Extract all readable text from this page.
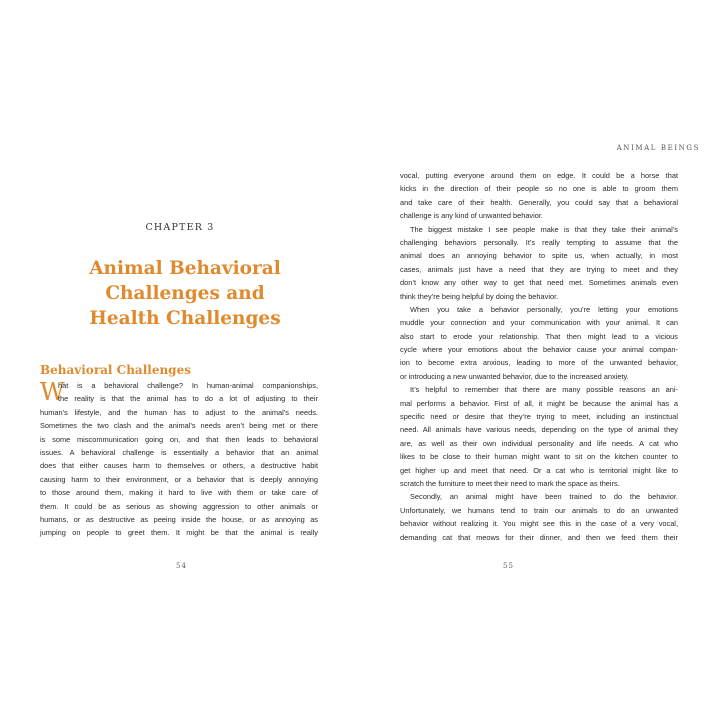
CHAPTER 3
Animal Behavioral
Challenges and
Health Challenges
Behavioral Challenges
W
hat is a behavioral challenge? In human-animal companionships,
the reality is that the animal has to do a lot of adjusting to their
human’s lifestyle, and the human has to adjust to the animal’s needs.
Sometimes the two clash and the animal’s needs aren’t being met or there
is some miscommunication going on, and that then leads to behavioral
issues. A behavioral challenge is essentially a behavior that an animal
does that either causes harm to themselves or others, a destructive habit
causing harm to their environment, or a behavior that is deeply annoying
to those around them, making it hard to live with them or take care of
them. It could be as serious as showing aggression to other animals or
humans, or as destructive as peeing inside the house, or as annoying as
jumping on people to greet them. It might be that the animal is really
54
ANIMAL BEINGS
vocal, putting everyone around them on edge. It could be a horse that
kicks in the direction of their people so no one is able to groom them
and take care of their health. Generally, you could say that a behavioral
challenge is any kind of unwanted behavior.
The biggest mistake I see people make is that they take their animal’s
challenging behaviors personally. It’s really tempting to assume that the
animal does an annoying behavior to spite us, when actually, in most
cases, animals just have a need that they are trying to meet and they
don’t know any other way to get that need met. Sometimes animals even
think they’re being helpful by doing the behavior.
When you take a behavior personally, you’re letting your emotions
muddle your connection and your communication with your animal. It can
also start to erode your relationship. That then might lead to a vicious
cycle where your emotions about the behavior cause your animal compan-
ion to become extra anxious, leading to more of the unwanted behavior,
or introducing a new unwanted behavior, due to the increased anxiety.
It’s helpful to remember that there are many possible reasons an ani-
mal performs a behavior. First of all, it might be because the animal has a
specific need or desire that they’re trying to meet, including an instinctual
need. All animals have various needs, depending on the type of animal they
are, as well as their own individual personality and life needs. A cat who
likes to be close to their human might want to sit on the kitchen counter to
get higher up and meet that need. Or a cat who is territorial might like to
scratch the furniture to meet their need to mark the space as theirs.
Secondly, an animal might have been trained to do the behavior.
Unfortunately, we humans tend to train our animals to do an unwanted
behavior without realizing it. You might see this in the case of a very vocal,
demanding cat that meows for their dinner, and then we feed them their
55
